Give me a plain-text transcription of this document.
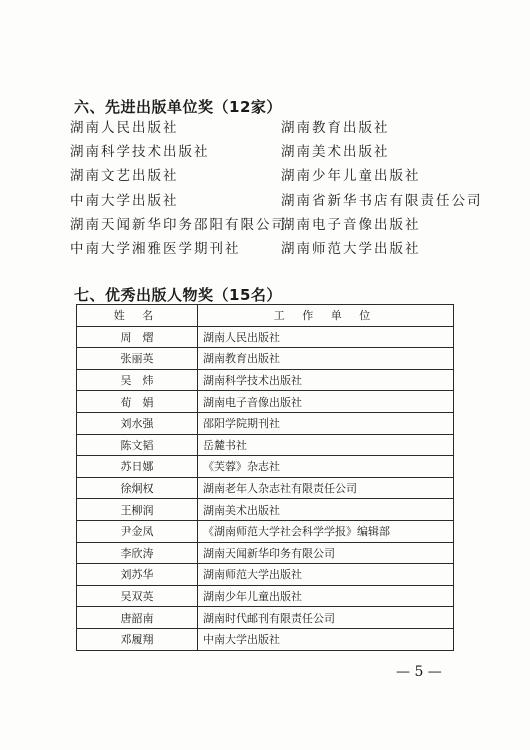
六、先进出版单位奖（12家）
湖南人民出版社
湖南科学技术出版社
湖南文艺出版社
中南大学出版社
湖南天闻新华印务邵阳有限公司
中南大学湘雅医学期刊社
湖南教育出版社
湖南美术出版社
湖南少年儿童出版社
湖南省新华书店有限责任公司
湖南电子音像出版社
湖南师范大学出版社
七、优秀出版人物奖（15名）
姓 名	工 作 单 位
周　熠	湖南人民出版社
张丽英	湖南教育出版社
吴　炜	湖南科学技术出版社
荀　娟	湖南电子音像出版社
刘水强	邵阳学院期刊社
陈文韬	岳麓书社
苏日娜	《芙蓉》杂志社
徐炯权	湖南老年人杂志社有限责任公司
王柳润	湖南美术出版社
尹金凤	《湖南师范大学社会科学学报》编辑部
李欣涛	湖南天闻新华印务有限公司
刘苏华	湖南师范大学出版社
吴双英	湖南少年儿童出版社
唐韶南	湖南时代邮刊有限责任公司
邓履翔	中南大学出版社
— 5 —
